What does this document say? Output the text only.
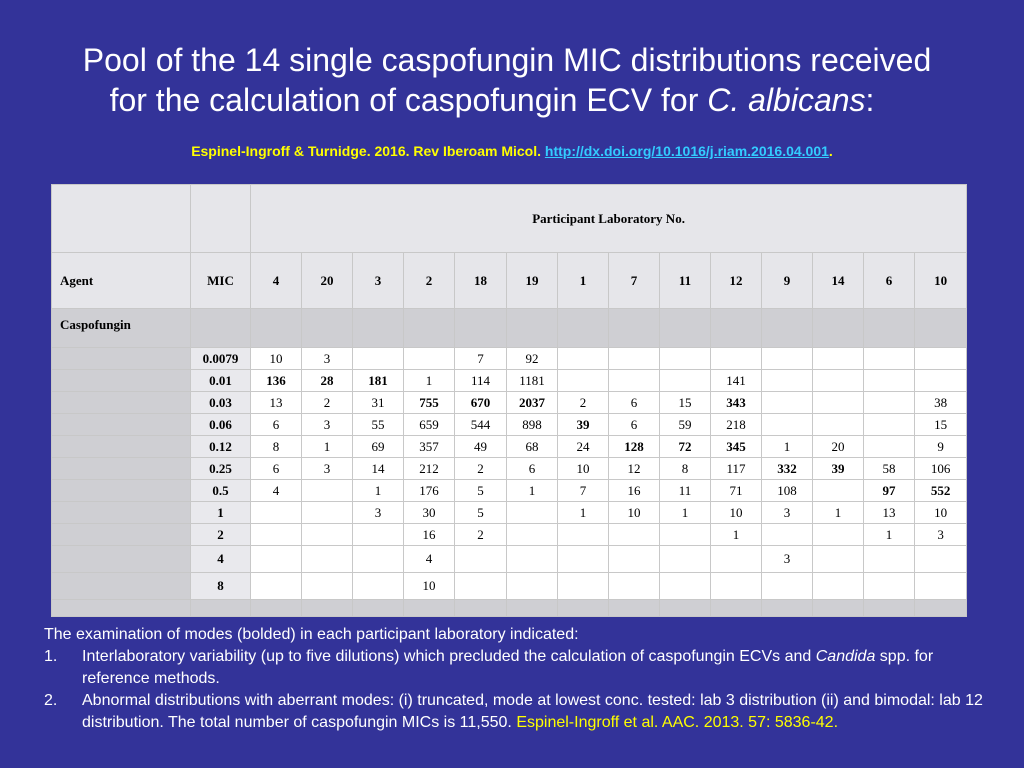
Pool of the 14 single caspofungin MIC distributions received
for the calculation of caspofungin ECV for C. albicans:
Espinel-Ingroff & Turnidge. 2016. Rev Iberoam Micol. http://dx.doi.org/10.1016/j.riam.2016.04.001.
		Participant Laboratory No.													
Agent	MIC	4	20	3	2	18	19	1	7	11	12	9	14	6	10
Caspofungin															
	0.0079	10	3			7	92								
	0.01	136	28	181	1	114	1181				141				
	0.03	13	2	31	755	670	2037	2	6	15	343				38
	0.06	6	3	55	659	544	898	39	6	59	218				15
	0.12	8	1	69	357	49	68	24	128	72	345	1	20		9
	0.25	6	3	14	212	2	6	10	12	8	117	332	39	58	106
	0.5	4		1	176	5	1	7	16	11	71	108		97	552
	1			3	30	5		1	10	1	10	3	1	13	10
	2				16	2					1			1	3
	4				4							3			
	8				10										

The examination of modes (bolded) in each participant laboratory indicated:
1.	Interlaboratory variability (up to five dilutions) which precluded the calculation of caspofungin ECVs and Candida spp. for reference methods.
2.	Abnormal distributions with aberrant modes: (i) truncated, mode at lowest conc. tested: lab 3 distribution (ii) and bimodal: lab 12 distribution. The total number of caspofungin MICs is 11,550. Espinel-Ingroff et al. AAC. 2013. 57: 5836-42.
